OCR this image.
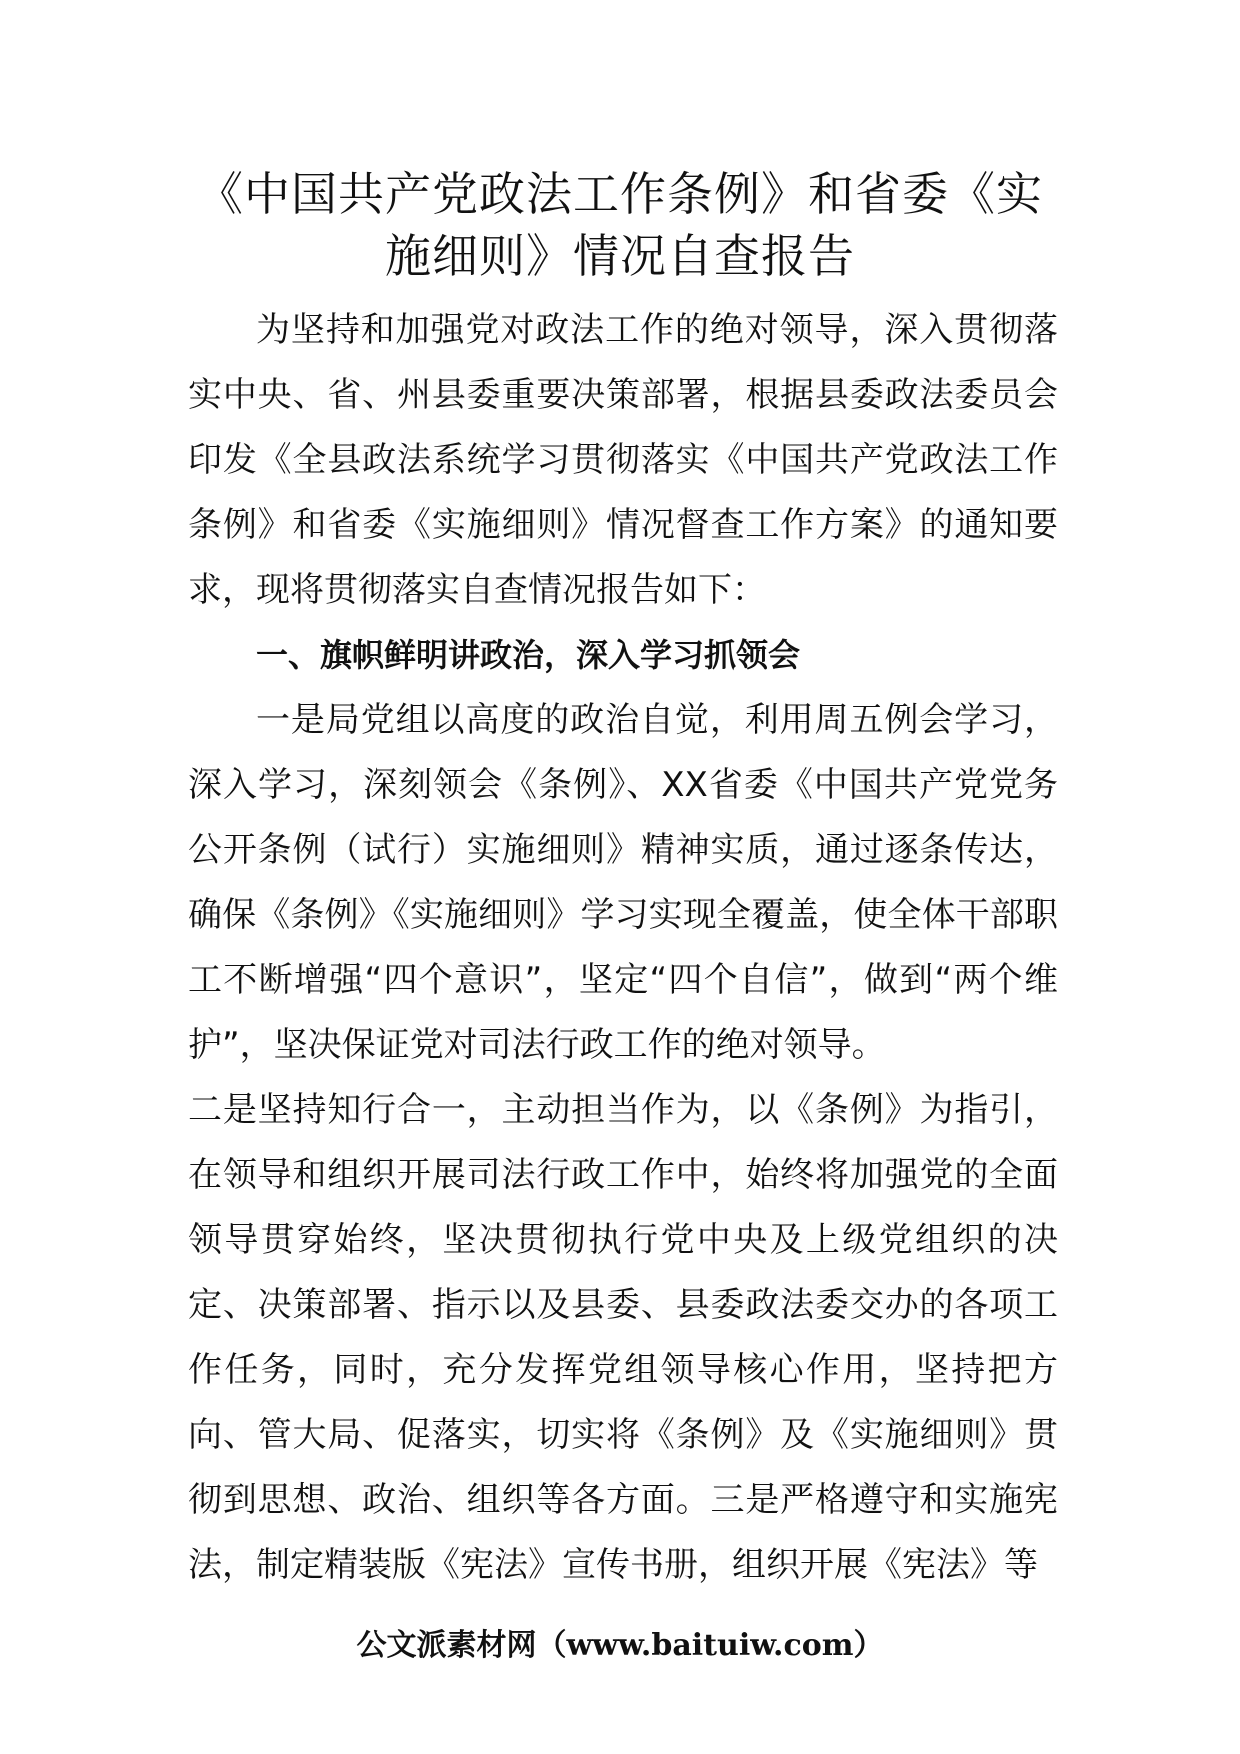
《中国共产党政法工作条例》和省委《实
施细则》情况自查报告

为坚持和加强党对政法工作的绝对领导，深入贯彻落实中央、省、州县委重要决策部署，根据县委政法委员会印发《全县政法系统学习贯彻落实《中国共产党政法工作条例》和省委《实施细则》情况督查工作方案》的通知要求，现将贯彻落实自查情况报告如下：

一、旗帜鲜明讲政治，深入学习抓领会

一是局党组以高度的政治自觉，利用周五例会学习，深入学习，深刻领会《条例》、XX省委《中国共产党党务公开条例（试行）实施细则》精神实质，通过逐条传达，确保《条例》《实施细则》学习实现全覆盖，使全体干部职工不断增强“四个意识”，坚定“四个自信”，做到“两个维护”，坚决保证党对司法行政工作的绝对领导。

二是坚持知行合一，主动担当作为，以《条例》为指引，在领导和组织开展司法行政工作中，始终将加强党的全面领导贯穿始终，坚决贯彻执行党中央及上级党组织的决定、决策部署、指示以及县委、县委政法委交办的各项工作任务，同时，充分发挥党组领导核心作用，坚持把方向、管大局、促落实，切实将《条例》及《实施细则》贯彻到思想、政治、组织等各方面。三是严格遵守和实施宪法，制定精装版《宪法》宣传书册，组织开展《宪法》等

公文派素材网（www.baituiw.com）
